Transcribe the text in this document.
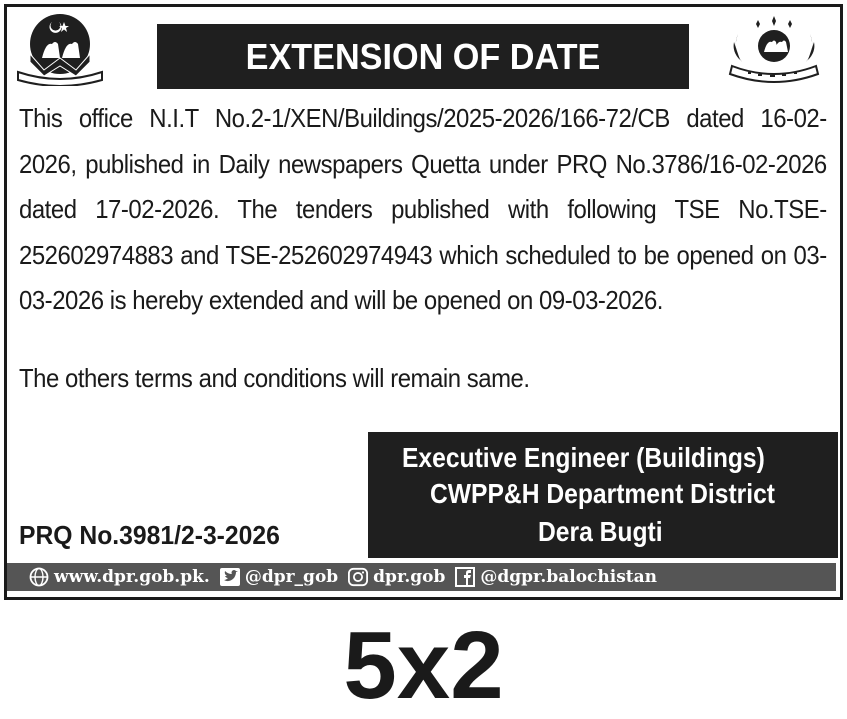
EXTENSION OF DATE

This office N.I.T No.2-1/XEN/Buildings/2025-2026/166-72/CB dated 16-02-2026, published in Daily newspapers Quetta under PRQ No.3786/16-02-2026 dated 17-02-2026. The tenders published with following TSE No.TSE-252602974883 and TSE-252602974943 which scheduled to be opened on 03-03-2026 is hereby extended and will be opened on 09-03-2026.

The others terms and conditions will remain same.
Executive Engineer (Buildings)
CWPP&H Department District
Dera Bugti
PRQ No.3981/2-3-2026
www.dpr.gob.pk. @dpr_gob dpr.gob @dgpr.balochistan
5x2
